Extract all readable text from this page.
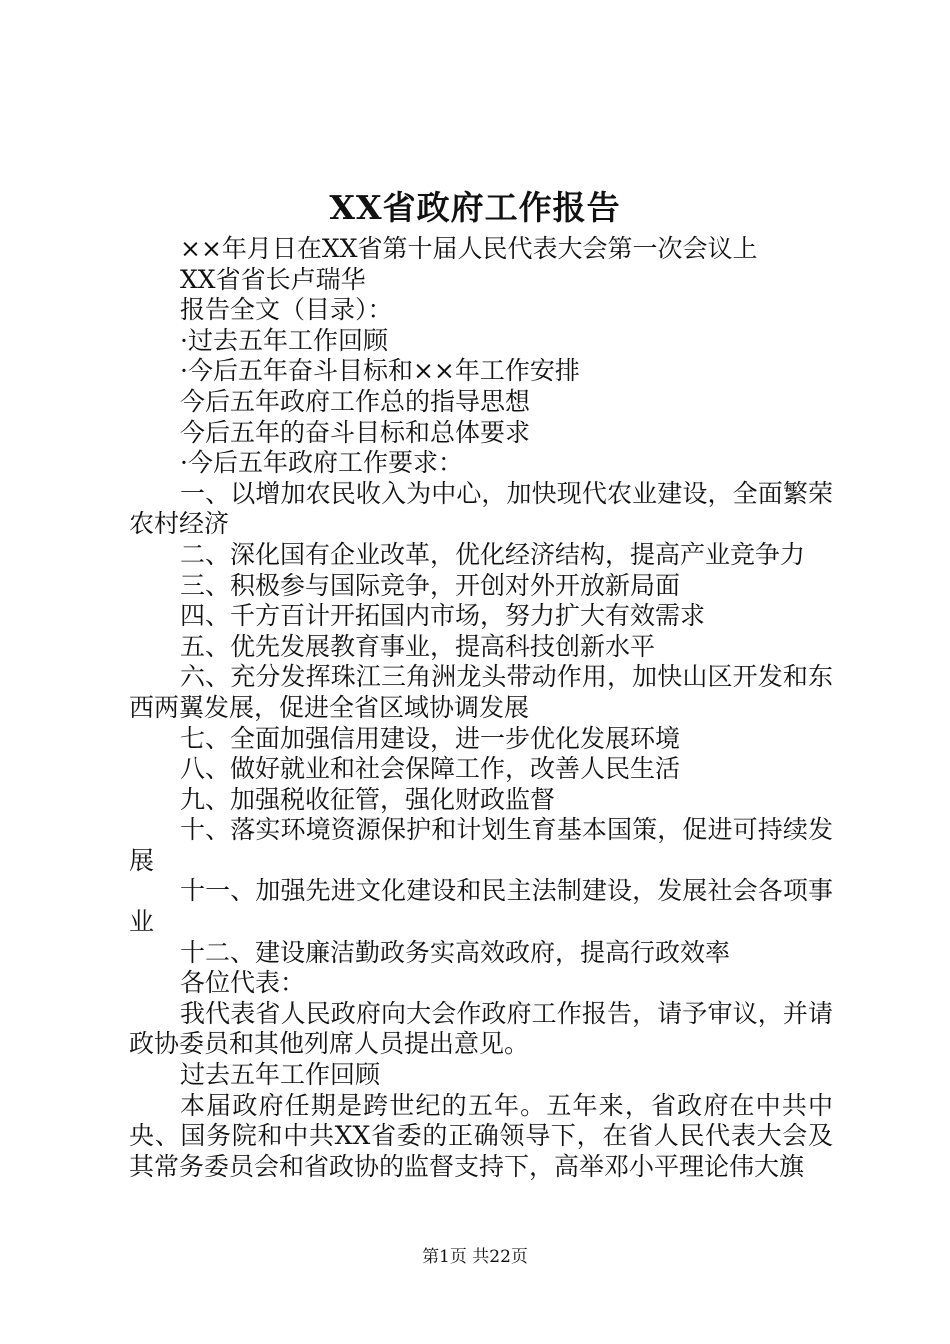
XX省政府工作报告

××年月日在XX省第十届人民代表大会第一次会议上

XX省省长卢瑞华

报告全文（目录）：

·过去五年工作回顾

·今后五年奋斗目标和××年工作安排

今后五年政府工作总的指导思想

今后五年的奋斗目标和总体要求

·今后五年政府工作要求：

一、以增加农民收入为中心，加快现代农业建设，全面繁荣农村经济

二、深化国有企业改革，优化经济结构，提高产业竞争力

三、积极参与国际竞争，开创对外开放新局面

四、千方百计开拓国内市场，努力扩大有效需求

五、优先发展教育事业，提高科技创新水平

六、充分发挥珠江三角洲龙头带动作用，加快山区开发和东西两翼发展，促进全省区域协调发展

七、全面加强信用建设，进一步优化发展环境

八、做好就业和社会保障工作，改善人民生活

九、加强税收征管，强化财政监督

十、落实环境资源保护和计划生育基本国策，促进可持续发展

十一、加强先进文化建设和民主法制建设，发展社会各项事业

十二、建设廉洁勤政务实高效政府，提高行政效率

各位代表：

我代表省人民政府向大会作政府工作报告，请予审议，并请政协委员和其他列席人员提出意见。

过去五年工作回顾

本届政府任期是跨世纪的五年。五年来，省政府在中共中央、国务院和中共XX省委的正确领导下，在省人民代表大会及其常务委员会和省政协的监督支持下，高举邓小平理论伟大旗

第1页 共22页
